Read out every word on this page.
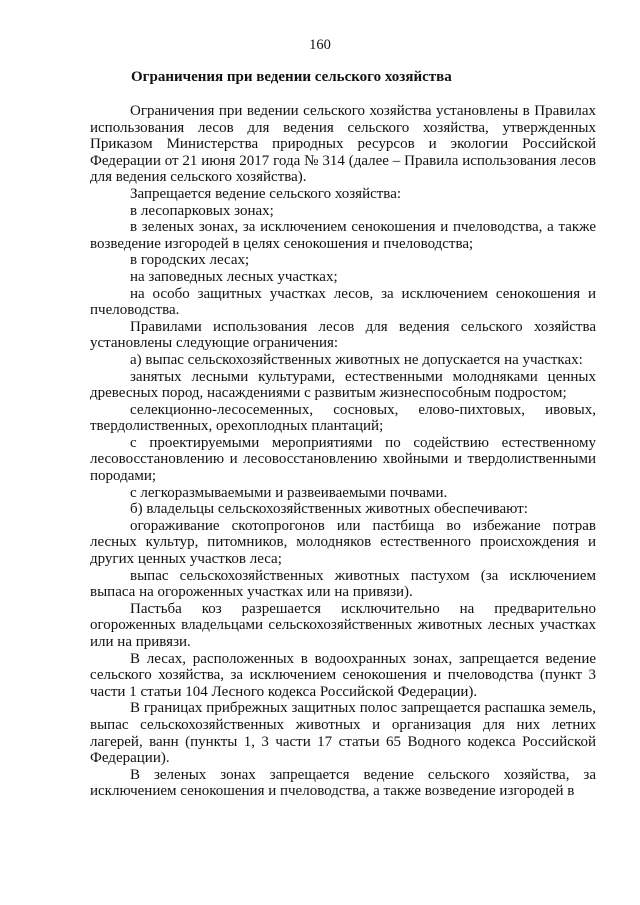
160
Ограничения при ведении сельского хозяйства

Ограничения при ведении сельского хозяйства установлены в Правилах использования лесов для ведения сельского хозяйства, утвержденных Приказом Министерства природных ресурсов и экологии Российской Федерации от 21 июня 2017 года № 314 (далее – Правила использования лесов для ведения сельского хозяйства).

Запрещается ведение сельского хозяйства:

в лесопарковых зонах;

в зеленых зонах, за исключением сенокошения и пчеловодства, а также возведение изгородей в целях сенокошения и пчеловодства;

в городских лесах;

на заповедных лесных участках;

на особо защитных участках лесов, за исключением сенокошения и пчеловодства.

Правилами использования лесов для ведения сельского хозяйства установлены следующие ограничения:

а) выпас сельскохозяйственных животных не допускается на участках:

занятых лесными культурами, естественными молодняками ценных древесных пород, насаждениями с развитым жизнеспособным подростом;

селекционно-лесосеменных, сосновых, елово-пихтовых, ивовых, твердолиственных, орехоплодных плантаций;

с проектируемыми мероприятиями по содействию естественному лесовосстановлению и лесовосстановлению хвойными и твердолиственными породами;

с легкоразмываемыми и развеиваемыми почвами.

б) владельцы сельскохозяйственных животных обеспечивают:

огораживание скотопрогонов или пастбища во избежание потрав лесных культур, питомников, молодняков естественного происхождения и других ценных участков леса;

выпас сельскохозяйственных животных пастухом (за исключением выпаса на огороженных участках или на привязи).

Пастьба коз разрешается исключительно на предварительно огороженных владельцами сельскохозяйственных животных лесных участках или на привязи.

В лесах, расположенных в водоохранных зонах, запрещается ведение сельского хозяйства, за исключением сенокошения и пчеловодства (пункт 3 части 1 статьи 104 Лесного кодекса Российской Федерации).

В границах прибрежных защитных полос запрещается распашка земель, выпас сельскохозяйственных животных и организация для них летних лагерей, ванн (пункты 1, 3 части 17 статьи 65 Водного кодекса Российской Федерации).

В зеленых зонах запрещается ведение сельского хозяйства, за исключением сенокошения и пчеловодства, а также возведение изгородей в
